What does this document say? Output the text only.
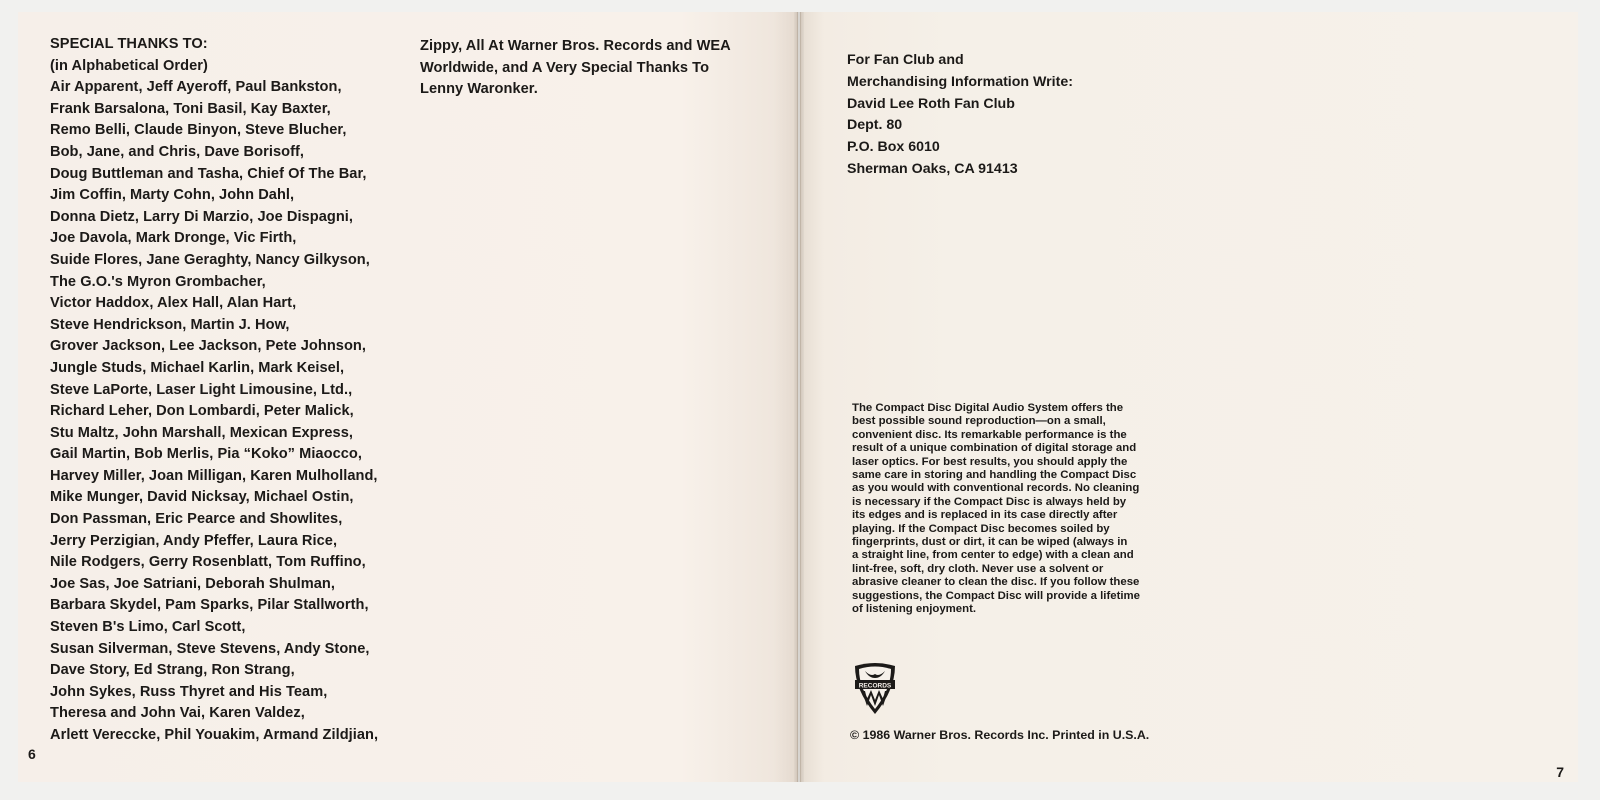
SPECIAL THANKS TO:
(in Alphabetical Order)
Air Apparent, Jeff Ayeroff, Paul Bankston,
Frank Barsalona, Toni Basil, Kay Baxter,
Remo Belli, Claude Binyon, Steve Blucher,
Bob, Jane, and Chris, Dave Borisoff,
Doug Buttleman and Tasha, Chief Of The Bar,
Jim Coffin, Marty Cohn, John Dahl,
Donna Dietz, Larry Di Marzio, Joe Dispagni,
Joe Davola, Mark Dronge, Vic Firth,
Suide Flores, Jane Geraghty, Nancy Gilkyson,
The G.O.'s Myron Grombacher,
Victor Haddox, Alex Hall, Alan Hart,
Steve Hendrickson, Martin J. How,
Grover Jackson, Lee Jackson, Pete Johnson,
Jungle Studs, Michael Karlin, Mark Keisel,
Steve LaPorte, Laser Light Limousine, Ltd.,
Richard Leher, Don Lombardi, Peter Malick,
Stu Maltz, John Marshall, Mexican Express,
Gail Martin, Bob Merlis, Pia “Koko” Miaocco,
Harvey Miller, Joan Milligan, Karen Mulholland,
Mike Munger, David Nicksay, Michael Ostin,
Don Passman, Eric Pearce and Showlites,
Jerry Perzigian, Andy Pfeffer, Laura Rice,
Nile Rodgers, Gerry Rosenblatt, Tom Ruffino,
Joe Sas, Joe Satriani, Deborah Shulman,
Barbara Skydel, Pam Sparks, Pilar Stallworth,
Steven B's Limo, Carl Scott,
Susan Silverman, Steve Stevens, Andy Stone,
Dave Story, Ed Strang, Ron Strang,
John Sykes, Russ Thyret and His Team,
Theresa and John Vai, Karen Valdez,
Arlett Vereccke, Phil Youakim, Armand Zildjian,

Zippy, All At Warner Bros. Records and WEA
Worldwide, and A Very Special Thanks To
Lenny Waronker.
6
For Fan Club and
Merchandising Information Write:
David Lee Roth Fan Club
Dept. 80
P.O. Box 6010
Sherman Oaks, CA 91413
The Compact Disc Digital Audio System offers the
best possible sound reproduction—on a small,
convenient disc. Its remarkable performance is the
result of a unique combination of digital storage and
laser optics. For best results, you should apply the
same care in storing and handling the Compact Disc
as you would with conventional records. No cleaning
is necessary if the Compact Disc is always held by
its edges and is replaced in its case directly after
playing. If the Compact Disc becomes soiled by
fingerprints, dust or dirt, it can be wiped (always in
a straight line, from center to edge) with a clean and
lint-free, soft, dry cloth. Never use a solvent or
abrasive cleaner to clean the disc. If you follow these
suggestions, the Compact Disc will provide a lifetime
of listening enjoyment.
RECORDS
© 1986 Warner Bros. Records Inc. Printed in U.S.A.
7
